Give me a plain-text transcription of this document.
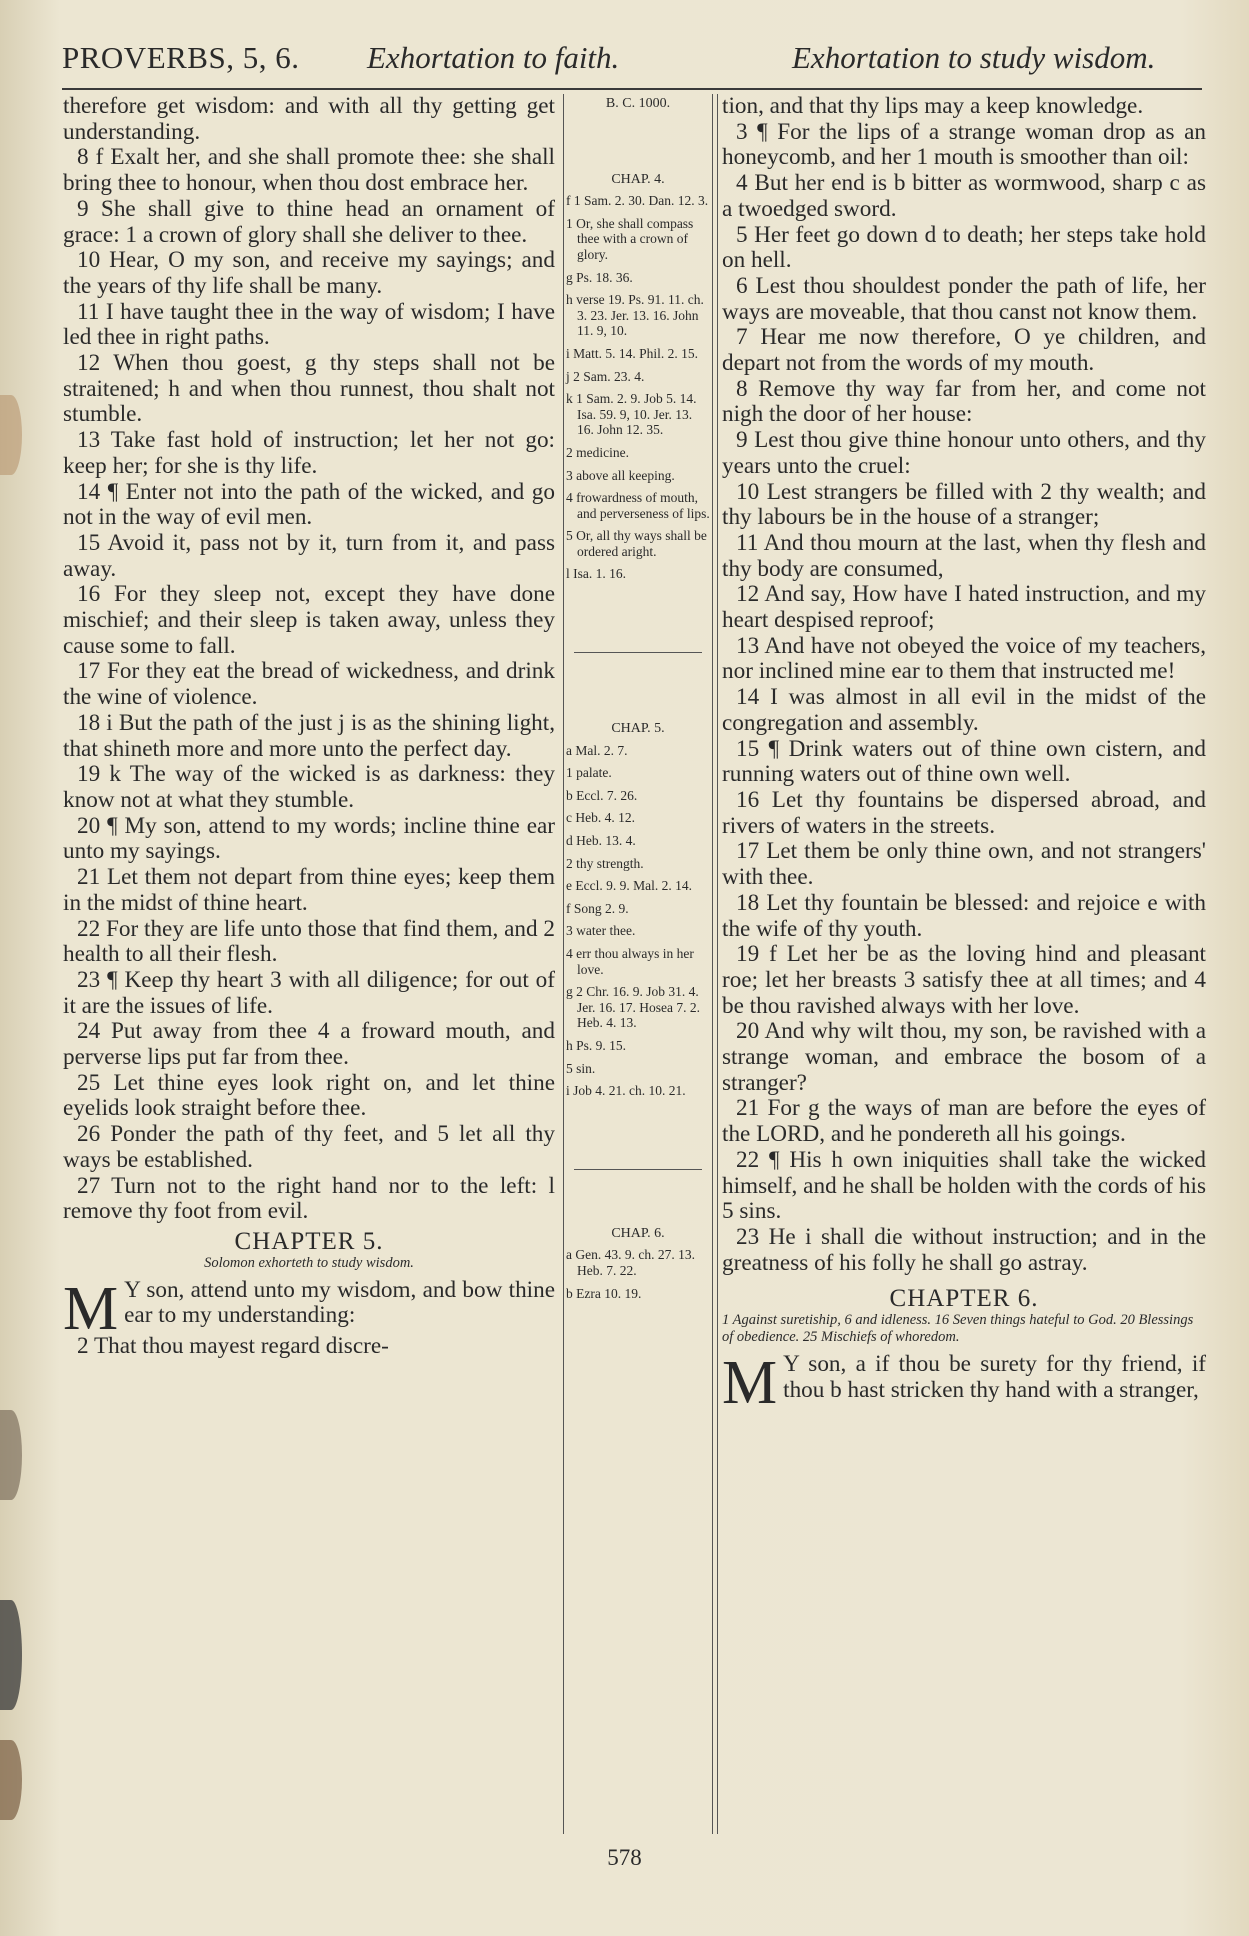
PROVERBS, 5, 6. Exhortation to faith.	Exhortation to study wisdom.

therefore get wisdom: and with all thy getting get understanding.

8 f Exalt her, and she shall promote thee: she shall bring thee to honour, when thou dost embrace her.

9 She shall give to thine head an ornament of grace: 1 a crown of glory shall she deliver to thee.

10 Hear, O my son, and receive my sayings; and the years of thy life shall be many.

11 I have taught thee in the way of wisdom; I have led thee in right paths.

12 When thou goest, g thy steps shall not be straitened; h and when thou runnest, thou shalt not stumble.

13 Take fast hold of instruction; let her not go: keep her; for she is thy life.

14 ¶ Enter not into the path of the wicked, and go not in the way of evil men.

15 Avoid it, pass not by it, turn from it, and pass away.

16 For they sleep not, except they have done mischief; and their sleep is taken away, unless they cause some to fall.

17 For they eat the bread of wickedness, and drink the wine of violence.

18 i But the path of the just j is as the shining light, that shineth more and more unto the perfect day.

19 k The way of the wicked is as darkness: they know not at what they stumble.

20 ¶ My son, attend to my words; incline thine ear unto my sayings.

21 Let them not depart from thine eyes; keep them in the midst of thine heart.

22 For they are life unto those that find them, and 2 health to all their flesh.

23 ¶ Keep thy heart 3 with all diligence; for out of it are the issues of life.

24 Put away from thee 4 a froward mouth, and perverse lips put far from thee.

25 Let thine eyes look right on, and let thine eyelids look straight before thee.

26 Ponder the path of thy feet, and 5 let all thy ways be established.

27 Turn not to the right hand nor to the left: l remove thy foot from evil.

CHAPTER 5.

Solomon exhorteth to study wisdom.

M Y son, attend unto my wisdom, and bow thine ear to my understanding:

2 That thou mayest regard discre-

B. C. 1000.

CHAP. 4.

f 1 Sam. 2. 30. Dan. 12. 3.

1 Or, she shall compass thee with a crown of glory.

g Ps. 18. 36.

h verse 19. Ps. 91. 11. ch. 3. 23. Jer. 13. 16. John 11. 9, 10.

i Matt. 5. 14. Phil. 2. 15.

j 2 Sam. 23. 4.

k 1 Sam. 2. 9. Job 5. 14. Isa. 59. 9, 10. Jer. 13. 16. John 12. 35.

2 medicine.

3 above all keeping.

4 frowardness of mouth, and perverseness of lips.

5 Or, all thy ways shall be ordered aright.

l Isa. 1. 16.

CHAP. 5.

a Mal. 2. 7.

1 palate.

b Eccl. 7. 26.

c Heb. 4. 12.

d Heb. 13. 4.

2 thy strength.

e Eccl. 9. 9. Mal. 2. 14.

f Song 2. 9.

3 water thee.

4 err thou always in her love.

g 2 Chr. 16. 9. Job 31. 4. Jer. 16. 17. Hosea 7. 2. Heb. 4. 13.

h Ps. 9. 15.

5 sin.

i Job 4. 21. ch. 10. 21.

CHAP. 6.

a Gen. 43. 9. ch. 27. 13. Heb. 7. 22.

b Ezra 10. 19.

tion, and that thy lips may a keep knowledge.

3 ¶ For the lips of a strange woman drop as an honeycomb, and her 1 mouth is smoother than oil:

4 But her end is b bitter as wormwood, sharp c as a twoedged sword.

5 Her feet go down d to death; her steps take hold on hell.

6 Lest thou shouldest ponder the path of life, her ways are moveable, that thou canst not know them.

7 Hear me now therefore, O ye children, and depart not from the words of my mouth.

8 Remove thy way far from her, and come not nigh the door of her house:

9 Lest thou give thine honour unto others, and thy years unto the cruel:

10 Lest strangers be filled with 2 thy wealth; and thy labours be in the house of a stranger;

11 And thou mourn at the last, when thy flesh and thy body are consumed,

12 And say, How have I hated instruction, and my heart despised reproof;

13 And have not obeyed the voice of my teachers, nor inclined mine ear to them that instructed me!

14 I was almost in all evil in the midst of the congregation and assembly.

15 ¶ Drink waters out of thine own cistern, and running waters out of thine own well.

16 Let thy fountains be dispersed abroad, and rivers of waters in the streets.

17 Let them be only thine own, and not strangers' with thee.

18 Let thy fountain be blessed: and rejoice e with the wife of thy youth.

19 f Let her be as the loving hind and pleasant roe; let her breasts 3 satisfy thee at all times; and 4 be thou ravished always with her love.

20 And why wilt thou, my son, be ravished with a strange woman, and embrace the bosom of a stranger?

21 For g the ways of man are before the eyes of the LORD, and he pondereth all his goings.

22 ¶ His h own iniquities shall take the wicked himself, and he shall be holden with the cords of his 5 sins.

23 He i shall die without instruction; and in the greatness of his folly he shall go astray.

CHAPTER 6.

1 Against suretiship, 6 and idleness. 16 Seven things hateful to God. 20 Blessings of obedience. 25 Mischiefs of whoredom.

M Y son, a if thou be surety for thy friend, if thou b hast stricken thy hand with a stranger,

578
